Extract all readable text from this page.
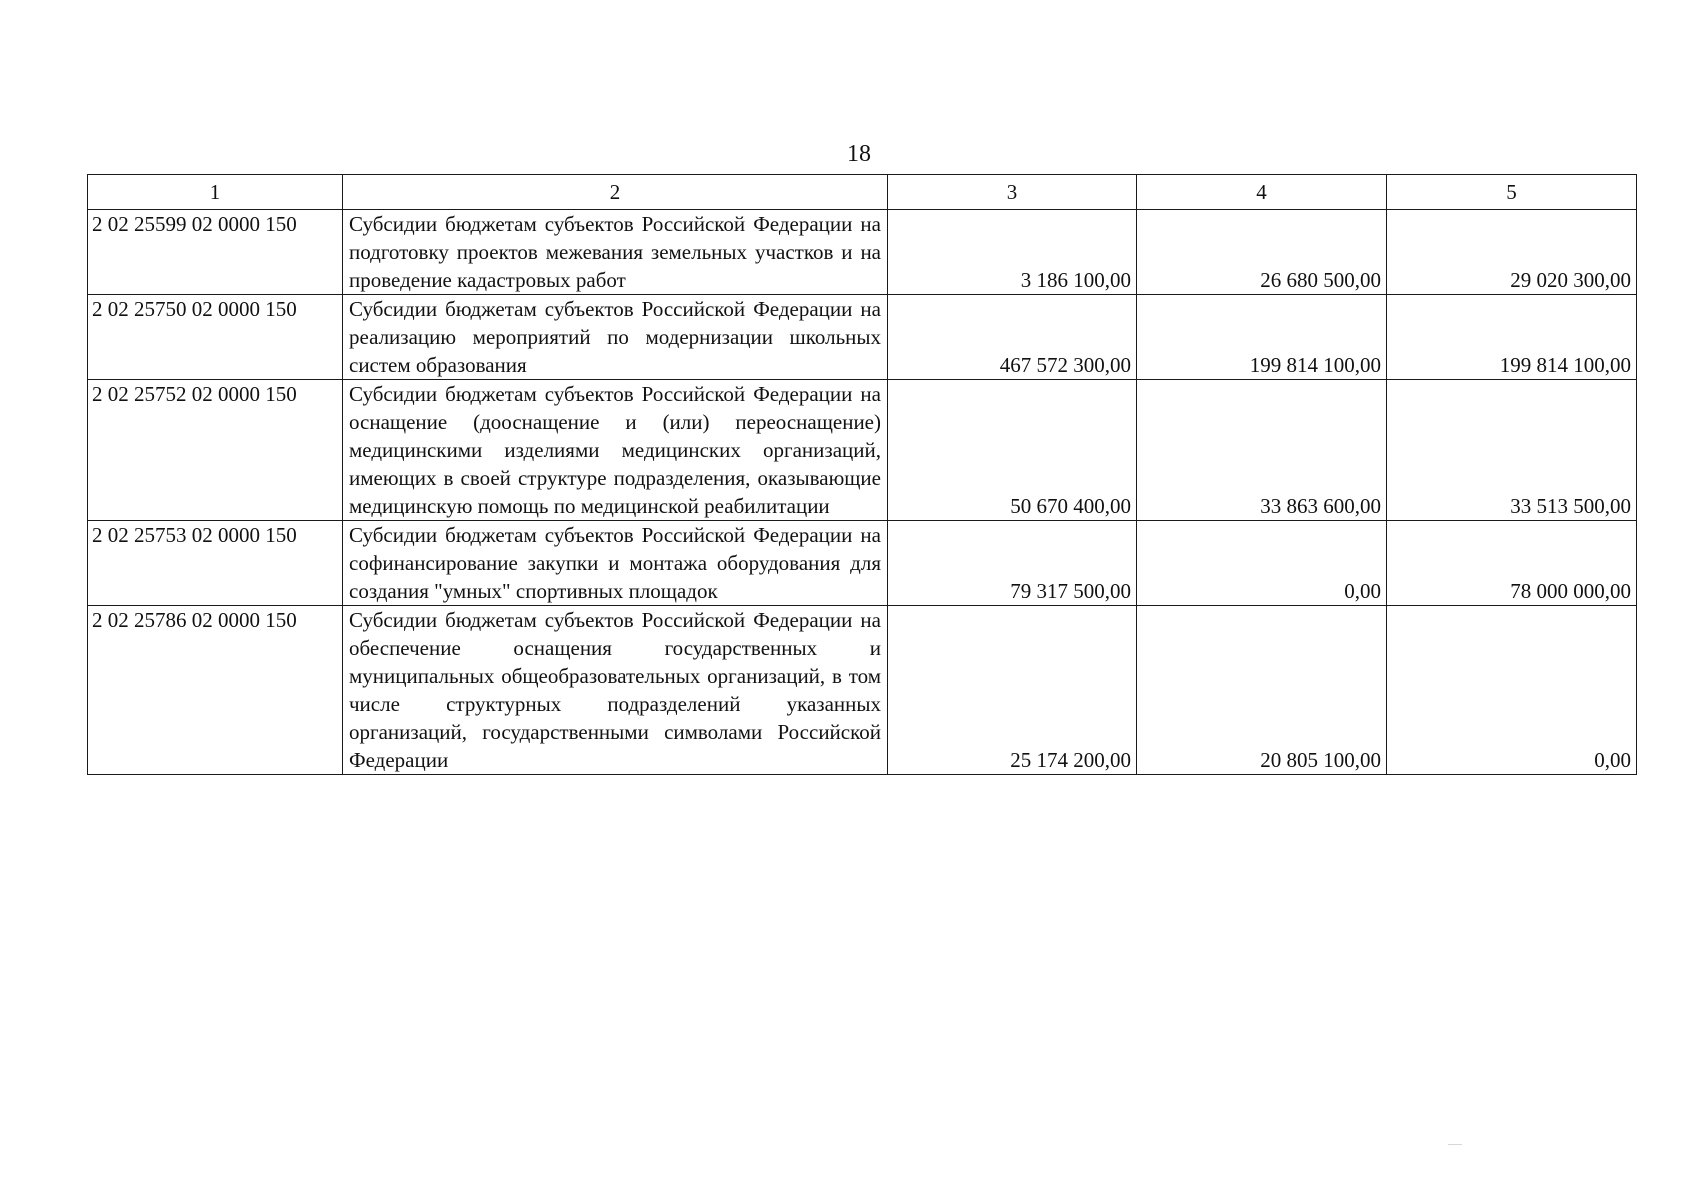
18
1	2	3	4	5
2 02 25599 02 0000 150	Субсидии бюджетам субъектов Российской Федерации на подготовку проектов межевания земельных участков и на проведение кадастровых работ	3 186 100,00	26 680 500,00	29 020 300,00
2 02 25750 02 0000 150	Субсидии бюджетам субъектов Российской Федерации на реализацию мероприятий по модернизации школьных систем образования	467 572 300,00	199 814 100,00	199 814 100,00
2 02 25752 02 0000 150	Субсидии бюджетам субъектов Российской Федерации на оснащение (дооснащение и (или) переоснащение) медицинскими изделиями медицинских организаций, имеющих в своей структуре подразделения, оказывающие медицинскую помощь по медицинской реабилитации	50 670 400,00	33 863 600,00	33 513 500,00
2 02 25753 02 0000 150	Субсидии бюджетам субъектов Российской Федерации на софинансирование закупки и монтажа оборудования для создания "умных" спортивных площадок	79 317 500,00	0,00	78 000 000,00
2 02 25786 02 0000 150	Субсидии бюджетам субъектов Российской Федерации на обеспечение оснащения государственных и муниципальных общеобразовательных организаций, в том числе структурных подразделений указанных организаций, государственными символами Российской Федерации	25 174 200,00	20 805 100,00	0,00
